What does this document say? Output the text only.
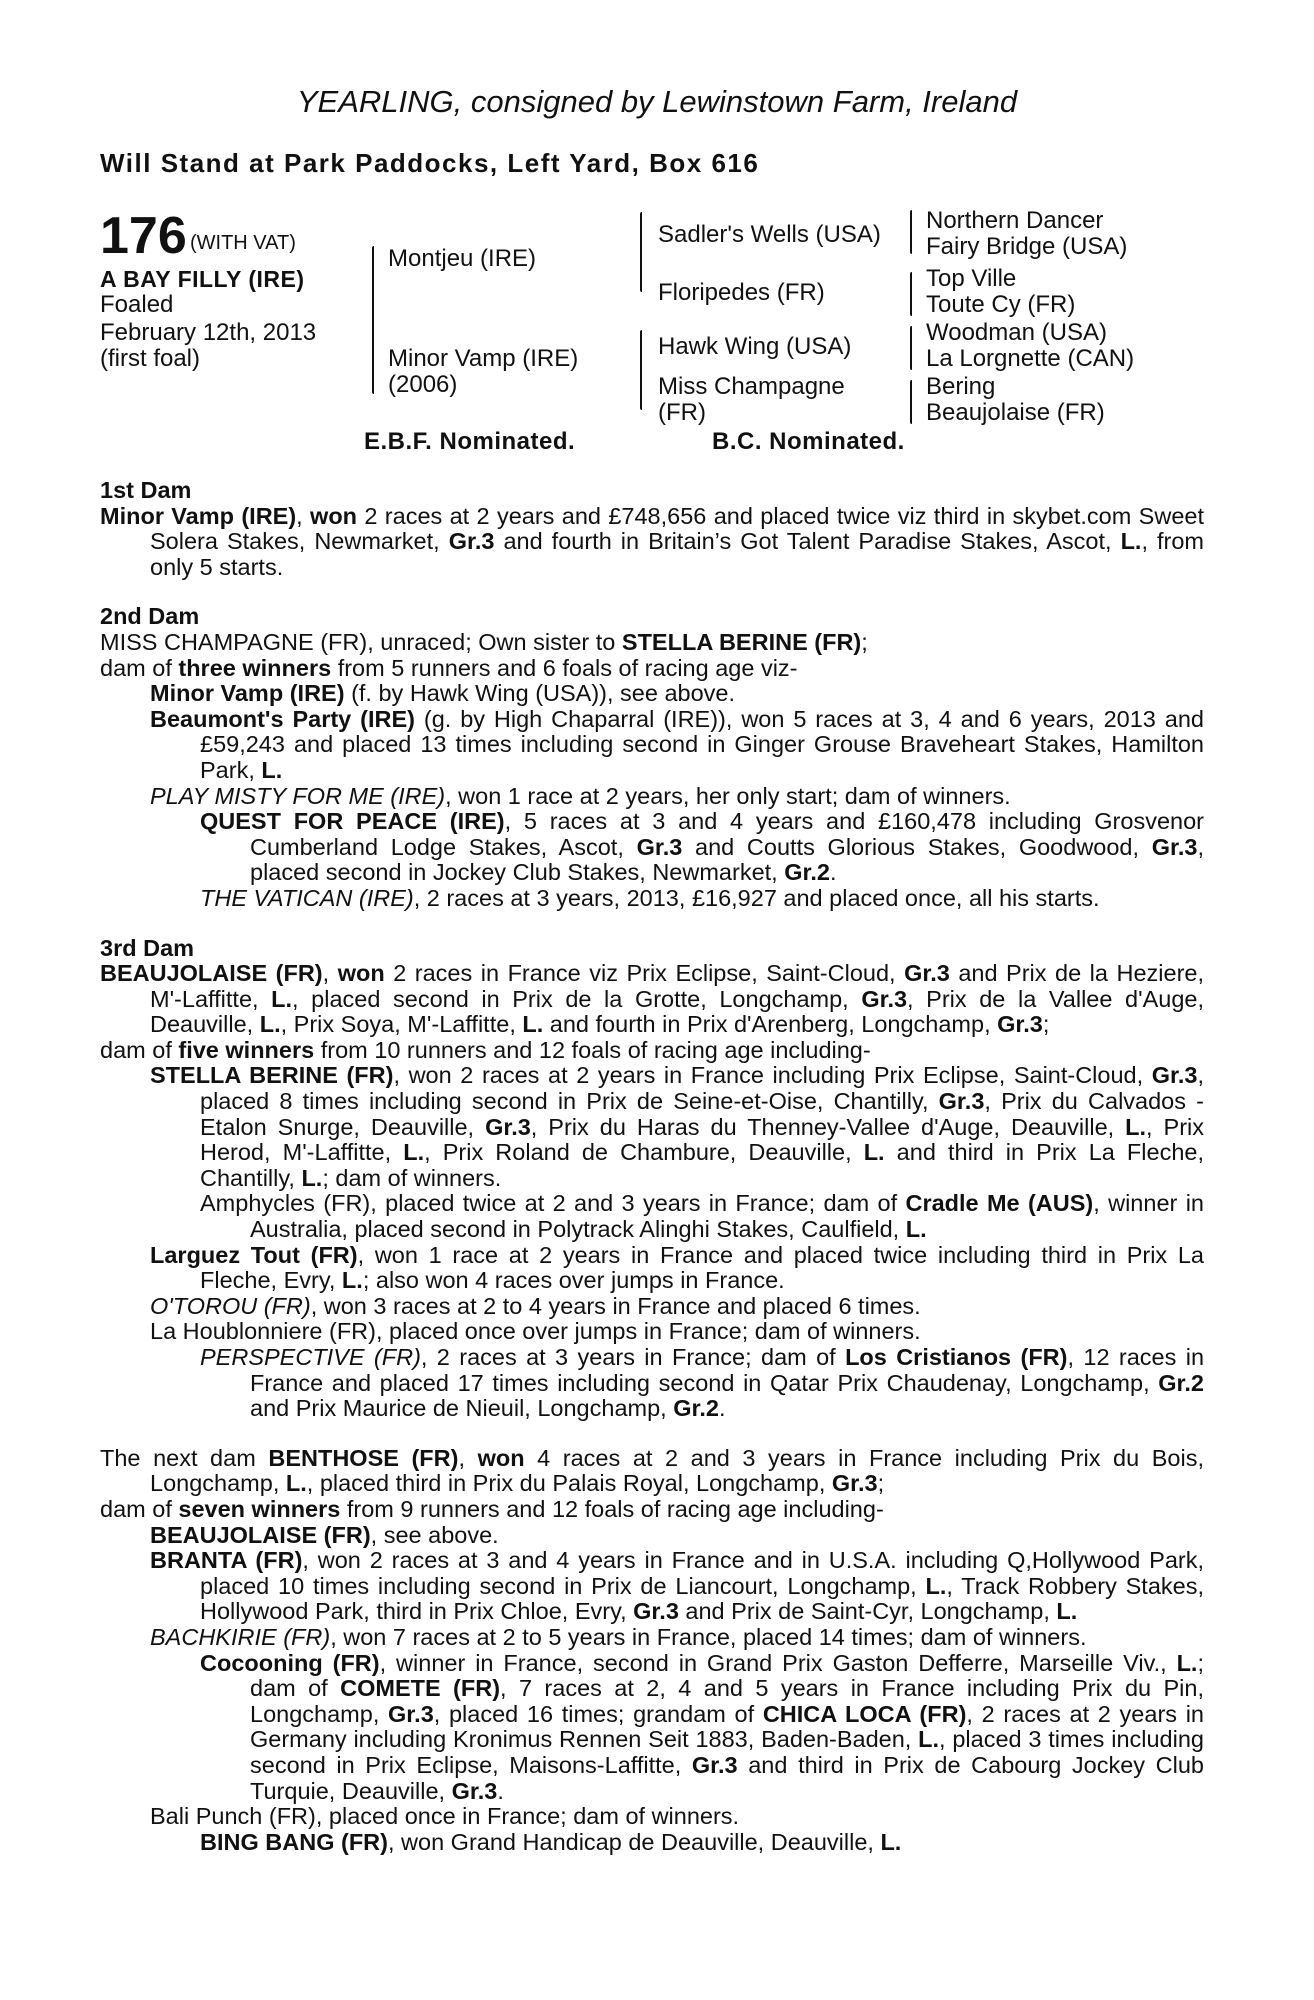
YEARLING, consigned by Lewinstown Farm, Ireland
Will Stand at Park Paddocks, Left Yard, Box 616
176 (WITH VAT)
A BAY FILLY (IRE)
Foaled
February 12th, 2013
(first foal)
Montjeu (IRE)
Minor Vamp (IRE)
(2006)
Sadler's Wells (USA)
Floripedes (FR)
Hawk Wing (USA)
Miss Champagne
(FR)
Northern Dancer
Fairy Bridge (USA)
Top Ville
Toute Cy (FR)
Woodman (USA)
La Lorgnette (CAN)
Bering
Beaujolaise (FR)
E.B.F. Nominated.	B.C. Nominated.
1st Dam

Minor Vamp (IRE), won 2 races at 2 years and £748,656 and placed twice viz third in skybet.com Sweet Solera Stakes, Newmarket, Gr.3 and fourth in Britain’s Got Talent Paradise Stakes, Ascot, L., from only 5 starts.

2nd Dam

MISS CHAMPAGNE (FR), unraced; Own sister to STELLA BERINE (FR);

dam of three winners from 5 runners and 6 foals of racing age viz-

Minor Vamp (IRE) (f. by Hawk Wing (USA)), see above.

Beaumont's Party (IRE) (g. by High Chaparral (IRE)), won 5 races at 3, 4 and 6 years, 2013 and £59,243 and placed 13 times including second in Ginger Grouse Braveheart Stakes, Hamilton Park, L.

PLAY MISTY FOR ME (IRE), won 1 race at 2 years, her only start; dam of winners.

QUEST FOR PEACE (IRE), 5 races at 3 and 4 years and £160,478 including Grosvenor Cumberland Lodge Stakes, Ascot, Gr.3 and Coutts Glorious Stakes, Goodwood, Gr.3, placed second in Jockey Club Stakes, Newmarket, Gr.2.

THE VATICAN (IRE), 2 races at 3 years, 2013, £16,927 and placed once, all his starts.

3rd Dam

BEAUJOLAISE (FR), won 2 races in France viz Prix Eclipse, Saint-Cloud, Gr.3 and Prix de la Heziere, M'-Laffitte, L., placed second in Prix de la Grotte, Longchamp, Gr.3, Prix de la Vallee d'Auge, Deauville, L., Prix Soya, M'-Laffitte, L. and fourth in Prix d'Arenberg, Longchamp, Gr.3;

dam of five winners from 10 runners and 12 foals of racing age including-

STELLA BERINE (FR), won 2 races at 2 years in France including Prix Eclipse, Saint-Cloud, Gr.3, placed 8 times including second in Prix de Seine-et-Oise, Chantilly, Gr.3, Prix du Calvados - Etalon Snurge, Deauville, Gr.3, Prix du Haras du Thenney-Vallee d'Auge, Deauville, L., Prix Herod, M'-Laffitte, L., Prix Roland de Chambure, Deauville, L. and third in Prix La Fleche, Chantilly, L.; dam of winners.

Amphycles (FR), placed twice at 2 and 3 years in France; dam of Cradle Me (AUS), winner in Australia, placed second in Polytrack Alinghi Stakes, Caulfield, L.

Larguez Tout (FR), won 1 race at 2 years in France and placed twice including third in Prix La Fleche, Evry, L.; also won 4 races over jumps in France.

O'TOROU (FR), won 3 races at 2 to 4 years in France and placed 6 times.

La Houblonniere (FR), placed once over jumps in France; dam of winners.

PERSPECTIVE (FR), 2 races at 3 years in France; dam of Los Cristianos (FR), 12 races in France and placed 17 times including second in Qatar Prix Chaudenay, Longchamp, Gr.2 and Prix Maurice de Nieuil, Longchamp, Gr.2.

The next dam BENTHOSE (FR), won 4 races at 2 and 3 years in France including Prix du Bois, Longchamp, L., placed third in Prix du Palais Royal, Longchamp, Gr.3;

dam of seven winners from 9 runners and 12 foals of racing age including-

BEAUJOLAISE (FR), see above.

BRANTA (FR), won 2 races at 3 and 4 years in France and in U.S.A. including Q,Hollywood Park, placed 10 times including second in Prix de Liancourt, Longchamp, L., Track Robbery Stakes, Hollywood Park, third in Prix Chloe, Evry, Gr.3 and Prix de Saint-Cyr, Longchamp, L.

BACHKIRIE (FR), won 7 races at 2 to 5 years in France, placed 14 times; dam of winners.

Cocooning (FR), winner in France, second in Grand Prix Gaston Defferre, Marseille Viv., L.; dam of COMETE (FR), 7 races at 2, 4 and 5 years in France including Prix du Pin, Longchamp, Gr.3, placed 16 times; grandam of CHICA LOCA (FR), 2 races at 2 years in Germany including Kronimus Rennen Seit 1883, Baden-Baden, L., placed 3 times including second in Prix Eclipse, Maisons-Laffitte, Gr.3 and third in Prix de Cabourg Jockey Club Turquie, Deauville, Gr.3.

Bali Punch (FR), placed once in France; dam of winners.

BING BANG (FR), won Grand Handicap de Deauville, Deauville, L.
